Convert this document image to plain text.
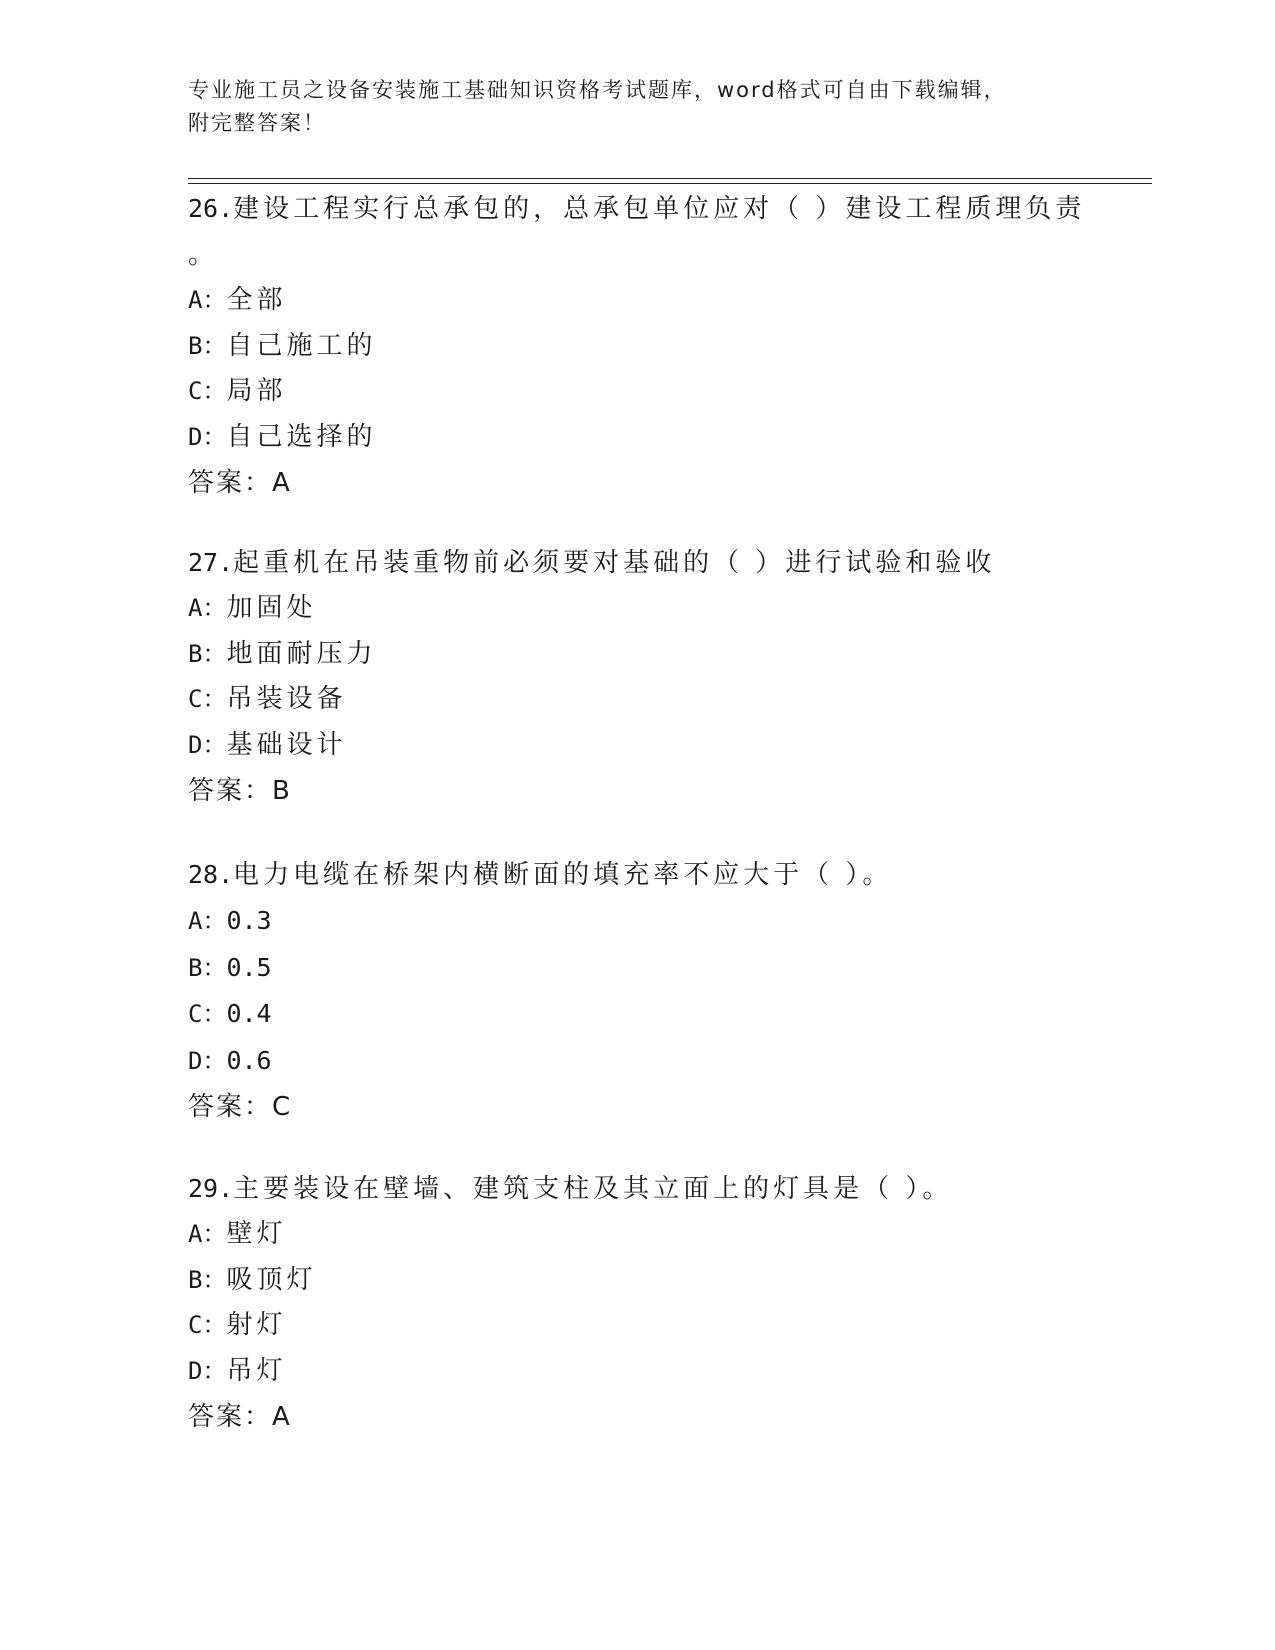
专业施工员之设备安装施工基础知识资格考试题库，word格式可自由下载编辑，
附完整答案！
26.建设工程实行总承包的，总承包单位应对（ ）建设工程质理负责
。
A：全部
B：自己施工的
C：局部
D：自己选择的
答案：A
27.起重机在吊装重物前必须要对基础的（ ）进行试验和验收
A：加固处
B：地面耐压力
C：吊装设备
D：基础设计
答案：B
28.电力电缆在桥架内横断面的填充率不应大于（ ）。
A：0.3
B：0.5
C：0.4
D：0.6
答案：C
29.主要装设在壁墙、建筑支柱及其立面上的灯具是（ ）。
A：壁灯
B：吸顶灯
C：射灯
D：吊灯
答案：A
